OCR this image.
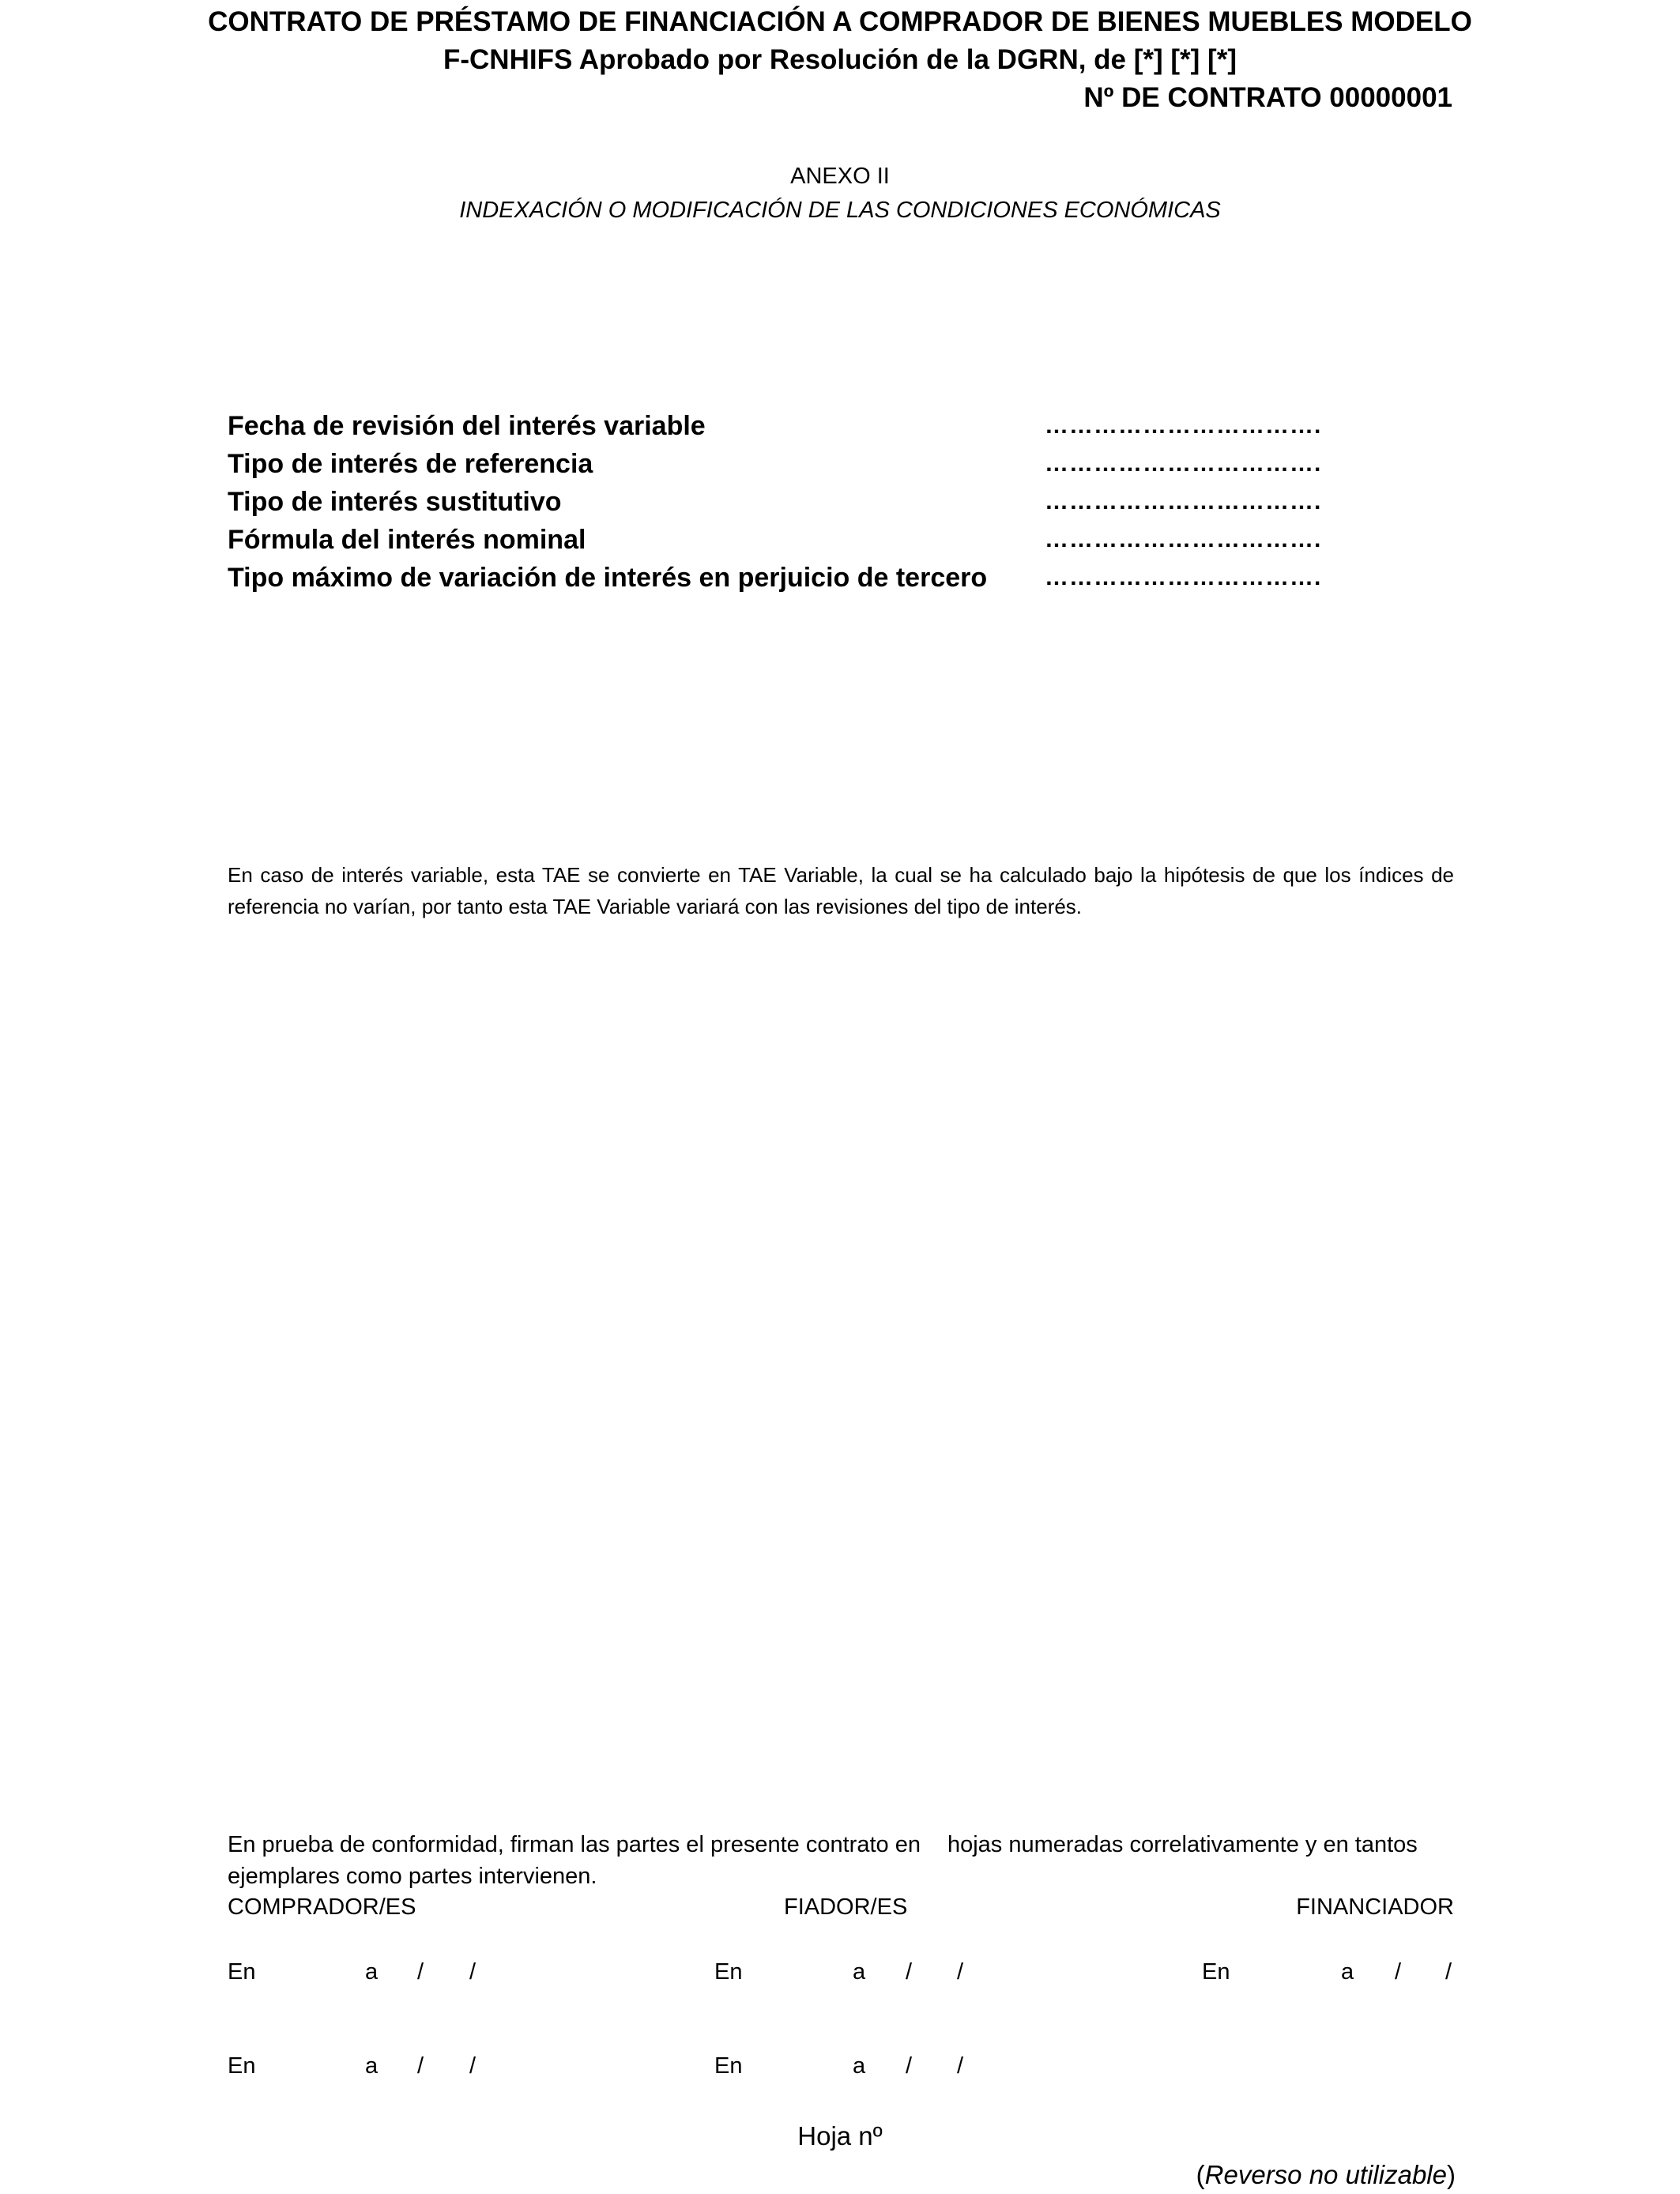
CONTRATO DE PRÉSTAMO DE FINANCIACIÓN A COMPRADOR DE BIENES MUEBLES MODELO
F-CNHIFS Aprobado por Resolución de la DGRN, de [*] [*] [*]
Nº DE CONTRATO 00000001
ANEXO II
INDEXACIÓN O MODIFICACIÓN DE LAS CONDICIONES ECONÓMICAS
Fecha de revisión del interés variable	…………………………….
Tipo de interés de referencia	…………………………….
Tipo de interés sustitutivo	…………………………….
Fórmula del interés nominal	…………………………….
Tipo máximo de variación de interés en perjuicio de tercero …………………………….
En caso de interés variable, esta TAE se convierte en TAE Variable, la cual se ha calculado bajo la hipótesis de que los índices de referencia no varían, por tanto esta TAE Variable variará con las revisiones del tipo de interés.
En prueba de conformidad, firman las partes el presente contrato en hojas numeradas correlativamente y en tantos ejemplares como partes intervienen.
COMPRADOR/ES	FIADOR/ES	FINANCIADOR
En	a / /	En	a / /	En	a / /
En	a / /	En	a / /
Hoja nº
(Reverso no utilizable)
